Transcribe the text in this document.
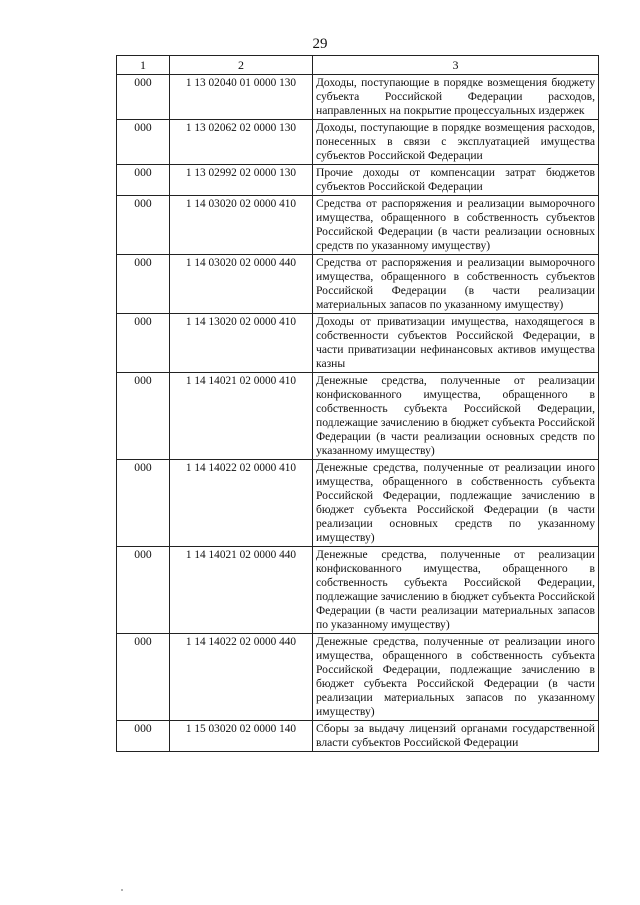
29
1	2	3
000	1 13 02040 01 0000 130	Доходы, поступающие в порядке возмещения бюджету субъекта Российской Федерации расходов, направленных на покрытие процессуальных издержек
000	1 13 02062 02 0000 130	Доходы, поступающие в порядке возмещения расходов, понесенных в связи с эксплуатацией имущества субъектов Российской Федерации
000	1 13 02992 02 0000 130	Прочие доходы от компенсации затрат бюджетов субъектов Российской Федерации
000	1 14 03020 02 0000 410	Средства от распоряжения и реализации выморочного имущества, обращенного в собственность субъектов Российской Федерации (в части реализации основных средств по указанному имуществу)
000	1 14 03020 02 0000 440	Средства от распоряжения и реализации выморочного имущества, обращенного в собственность субъектов Российской Федерации (в части реализации материальных запасов по указанному имуществу)
000	1 14 13020 02 0000 410	Доходы от приватизации имущества, находящегося в собственности субъектов Российской Федерации, в части приватизации нефинансовых активов имущества казны
000	1 14 14021 02 0000 410	Денежные средства, полученные от реализации конфискованного имущества, обращенного в собственность субъекта Российской Федерации, подлежащие зачислению в бюджет субъекта Российской Федерации (в части реализации основных средств по указанному имуществу)
000	1 14 14022 02 0000 410	Денежные средства, полученные от реализации иного имущества, обращенного в собственность субъекта Российской Федерации, подлежащие зачислению в бюджет субъекта Российской Федерации (в части реализации основных средств по указанному имуществу)
000	1 14 14021 02 0000 440	Денежные средства, полученные от реализации конфискованного имущества, обращенного в собственность субъекта Российской Федерации, подлежащие зачислению в бюджет субъекта Российской Федерации (в части реализации материальных запасов по указанному имуществу)
000	1 14 14022 02 0000 440	Денежные средства, полученные от реализации иного имущества, обращенного в собственность субъекта Российской Федерации, подлежащие зачислению в бюджет субъекта Российской Федерации (в части реализации материальных запасов по указанному имуществу)
000	1 15 03020 02 0000 140	Сборы за выдачу лицензий органами государственной власти субъектов Российской Федерации
